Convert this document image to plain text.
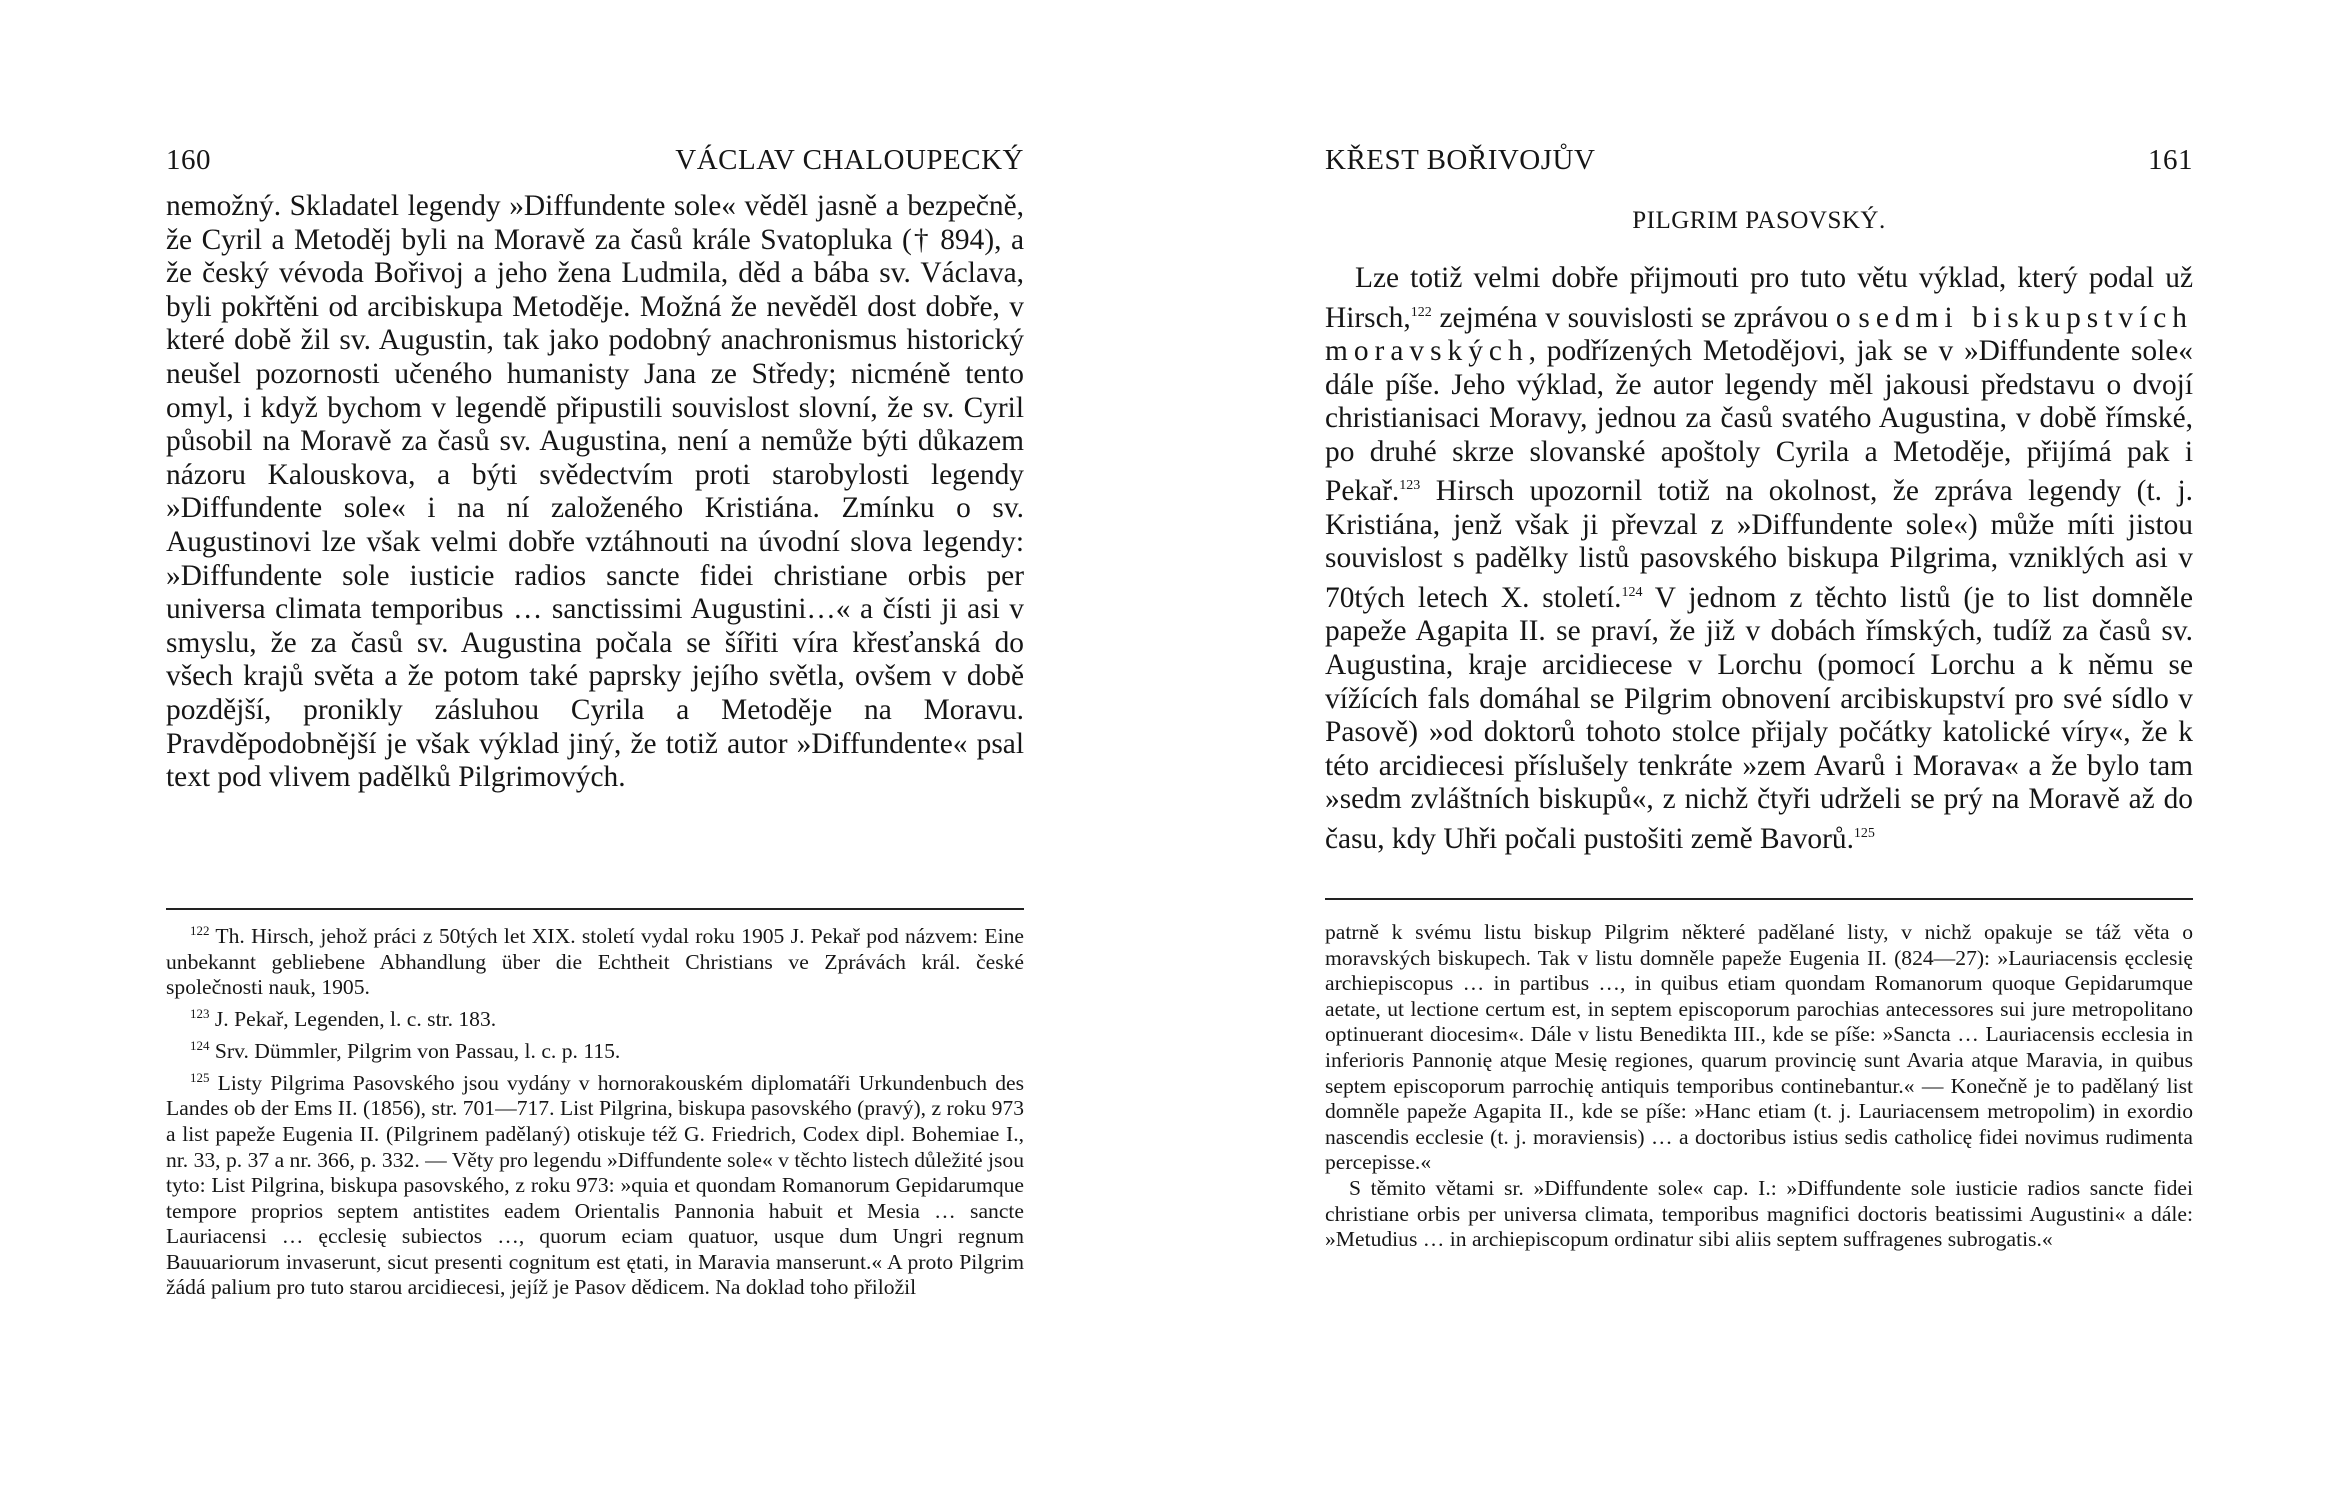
160	VÁCLAV CHALOUPECKÝ

nemožný. Skladatel legendy »Diffundente sole« věděl jasně a bezpečně, že Cyril a Metoděj byli na Moravě za časů krále Svatopluka († 894), a že český vévoda Bořivoj a jeho žena Ludmila, děd a bába sv. Václava, byli pokřtěni od arcibiskupa Metoděje. Možná že nevěděl dost dobře, v které době žil sv. Augustin, tak jako podobný anachronismus historický neušel pozornosti učeného humanisty Jana ze Středy; nicméně tento omyl, i když bychom v legendě připustili souvislost slovní, že sv. Cyril působil na Moravě za časů sv. Augustina, není a nemůže býti důkazem názoru Kalouskova, a býti svědectvím proti starobylosti legendy »Diffundente sole« i na ní založeného Kristiána. Zmínku o sv. Augustinovi lze však velmi dobře vztáhnouti na úvodní slova legendy: »Diffundente sole iusticie radios sancte fidei christiane orbis per universa climata temporibus … sanctissimi Augustini…« a čísti ji asi v smyslu, že za časů sv. Augustina počala se šířiti víra křesťanská do všech krajů světa a že potom také paprsky jejího světla, ovšem v době pozdější, pronikly zásluhou Cyrila a Metoděje na Moravu. Pravděpodobnější je však výklad jiný, že totiž autor »Diffundente« psal text pod vlivem padělků Pilgrimových.

$^{122}$ Th. Hirsch, jehož práci z 50tých let XIX. století vydal roku 1905 J. Pekař pod názvem: Eine unbekannt gebliebene Abhandlung über die Echtheit Christians ve Zprávách král. české společnosti nauk, 1905.

$^{123}$ J. Pekař, Legenden, l. c. str. 183.

$^{124}$ Srv. Dümmler, Pilgrim von Passau, l. c. p. 115.

$^{125}$ Listy Pilgrima Pasovského jsou vydány v hornorakouském diplomatáři Urkundenbuch des Landes ob der Ems II. (1856), str. 701—717. List Pilgrina, biskupa pasovského (pravý), z roku 973 a list papeže Eugenia II. (Pilgrinem padělaný) otiskuje též G. Friedrich, Codex dipl. Bohemiae I., nr. 33, p. 37 a nr. 366, p. 332. — Věty pro legendu »Diffundente sole« v těchto listech důležité jsou tyto: List Pilgrina, biskupa pasovského, z roku 973: »quia et quondam Romanorum Gepidarumque tempore proprios septem antistites eadem Orientalis Pannonia habuit et Mesia … sancte Lauriacensi … ęcclesię subiectos …, quorum eciam quatuor, usque dum Ungri regnum Bauuariorum invaserunt, sicut presenti cognitum est ętati, in Maravia manserunt.« A proto Pilgrim žádá palium pro tuto starou arcidiecesi, jejíž je Pasov dědicem. Na doklad toho přiložil

KŘEST BOŘIVOJŮV	161
PILGRIM PASOVSKÝ.

Lze totiž velmi dobře přijmouti pro tuto větu výklad, který podal už Hirsch,$^{122}$ zejména v souvislosti se zprávou o sedmi biskupstvích moravských, podřízených Metodějovi, jak se v »Diffundente sole« dále píše. Jeho výklad, že autor legendy měl jakousi představu o dvojí christianisaci Moravy, jednou za časů svatého Augustina, v době římské, po druhé skrze slovanské apoštoly Cyrila a Metoděje, přijímá pak i Pekař.$^{123}$ Hirsch upozornil totiž na okolnost, že zpráva legendy (t. j. Kristiána, jenž však ji převzal z »Diffundente sole«) může míti jistou souvislost s padělky listů pasovského biskupa Pilgrima, vzniklých asi v 70tých letech X. století.$^{124}$ V jednom z těchto listů (je to list domněle papeže Agapita II. se praví, že již v dobách římských, tudíž za časů sv. Augustina, kraje arcidiecese v Lorchu (pomocí Lorchu a k němu se vížících fals domáhal se Pilgrim obnovení arcibiskupství pro své sídlo v Pasově) »od doktorů tohoto stolce přijaly počátky katolické víry«, že k této arcidiecesi příslušely tenkráte »zem Avarů i Morava« a že bylo tam »sedm zvláštních biskupů«, z nichž čtyři udrželi se prý na Moravě až do času, kdy Uhři počali pustošiti země Bavorů.$^{125}$

patrně k svému listu biskup Pilgrim některé padělané listy, v nichž opakuje se táž věta o moravských biskupech. Tak v listu domněle papeže Eugenia II. (824—27): »Lauriacensis ęcclesię archiepiscopus … in partibus …, in quibus etiam quondam Romanorum quoque Gepidarumque aetate, ut lectione certum est, in septem episcoporum parochias antecessores sui jure metropolitano optinuerant diocesim«. Dále v listu Benedikta III., kde se píše: »Sancta … Lauriacensis ecclesia in inferioris Pannonię atque Mesię regiones, quarum provincię sunt Avaria atque Maravia, in quibus septem episcoporum parrochię antiquis temporibus continebantur.« — Konečně je to padělaný list domněle papeže Agapita II., kde se píše: »Hanc etiam (t. j. Lauriacensem metropolim) in exordio nascendis ecclesie (t. j. moraviensis) … a doctoribus istius sedis catholicę fidei novimus rudimenta percepisse.«

S těmito větami sr. »Diffundente sole« cap. I.: »Diffundente sole iusticie radios sancte fidei christiane orbis per universa climata, temporibus magnifici doctoris beatissimi Augustini« a dále: »Metudius … in archiepiscopum ordinatur sibi aliis septem suffragenes subrogatis.«
